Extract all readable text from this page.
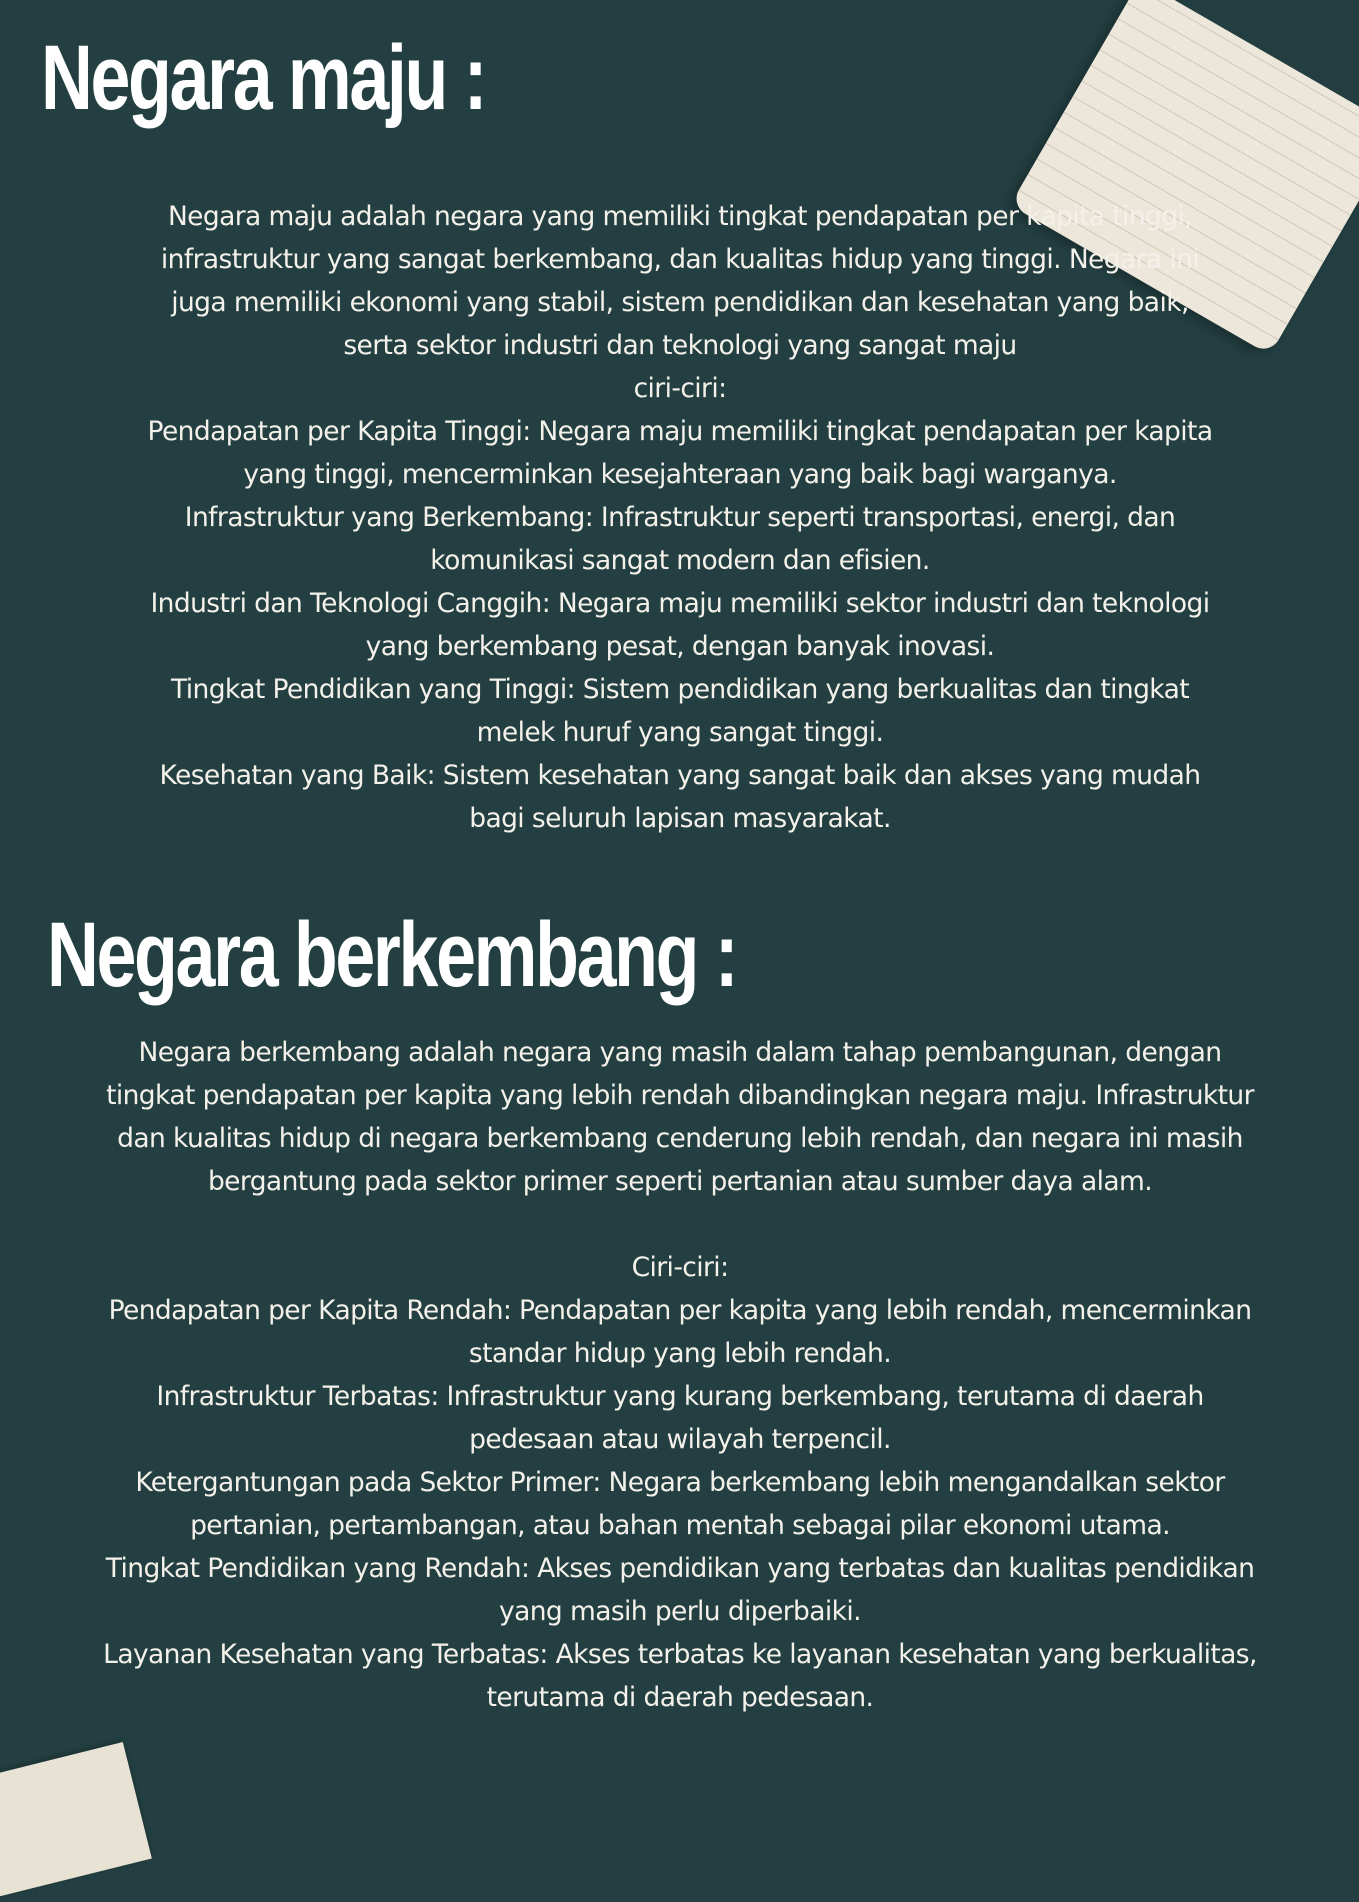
Negara maju :

Negara maju adalah negara yang memiliki tingkat pendapatan per kapita tinggi,

infrastruktur yang sangat berkembang, dan kualitas hidup yang tinggi. Negara ini

juga memiliki ekonomi yang stabil, sistem pendidikan dan kesehatan yang baik,

serta sektor industri dan teknologi yang sangat maju

ciri-ciri:

Pendapatan per Kapita Tinggi: Negara maju memiliki tingkat pendapatan per kapita

yang tinggi, mencerminkan kesejahteraan yang baik bagi warganya.

Infrastruktur yang Berkembang: Infrastruktur seperti transportasi, energi, dan

komunikasi sangat modern dan efisien.

Industri dan Teknologi Canggih: Negara maju memiliki sektor industri dan teknologi

yang berkembang pesat, dengan banyak inovasi.

Tingkat Pendidikan yang Tinggi: Sistem pendidikan yang berkualitas dan tingkat

melek huruf yang sangat tinggi.

Kesehatan yang Baik: Sistem kesehatan yang sangat baik dan akses yang mudah

bagi seluruh lapisan masyarakat.

Negara berkembang :

Negara berkembang adalah negara yang masih dalam tahap pembangunan, dengan

tingkat pendapatan per kapita yang lebih rendah dibandingkan negara maju. Infrastruktur

dan kualitas hidup di negara berkembang cenderung lebih rendah, dan negara ini masih

bergantung pada sektor primer seperti pertanian atau sumber daya alam.

Ciri-ciri:

Pendapatan per Kapita Rendah: Pendapatan per kapita yang lebih rendah, mencerminkan

standar hidup yang lebih rendah.

Infrastruktur Terbatas: Infrastruktur yang kurang berkembang, terutama di daerah

pedesaan atau wilayah terpencil.

Ketergantungan pada Sektor Primer: Negara berkembang lebih mengandalkan sektor

pertanian, pertambangan, atau bahan mentah sebagai pilar ekonomi utama.

Tingkat Pendidikan yang Rendah: Akses pendidikan yang terbatas dan kualitas pendidikan

yang masih perlu diperbaiki.

Layanan Kesehatan yang Terbatas: Akses terbatas ke layanan kesehatan yang berkualitas,

terutama di daerah pedesaan.
